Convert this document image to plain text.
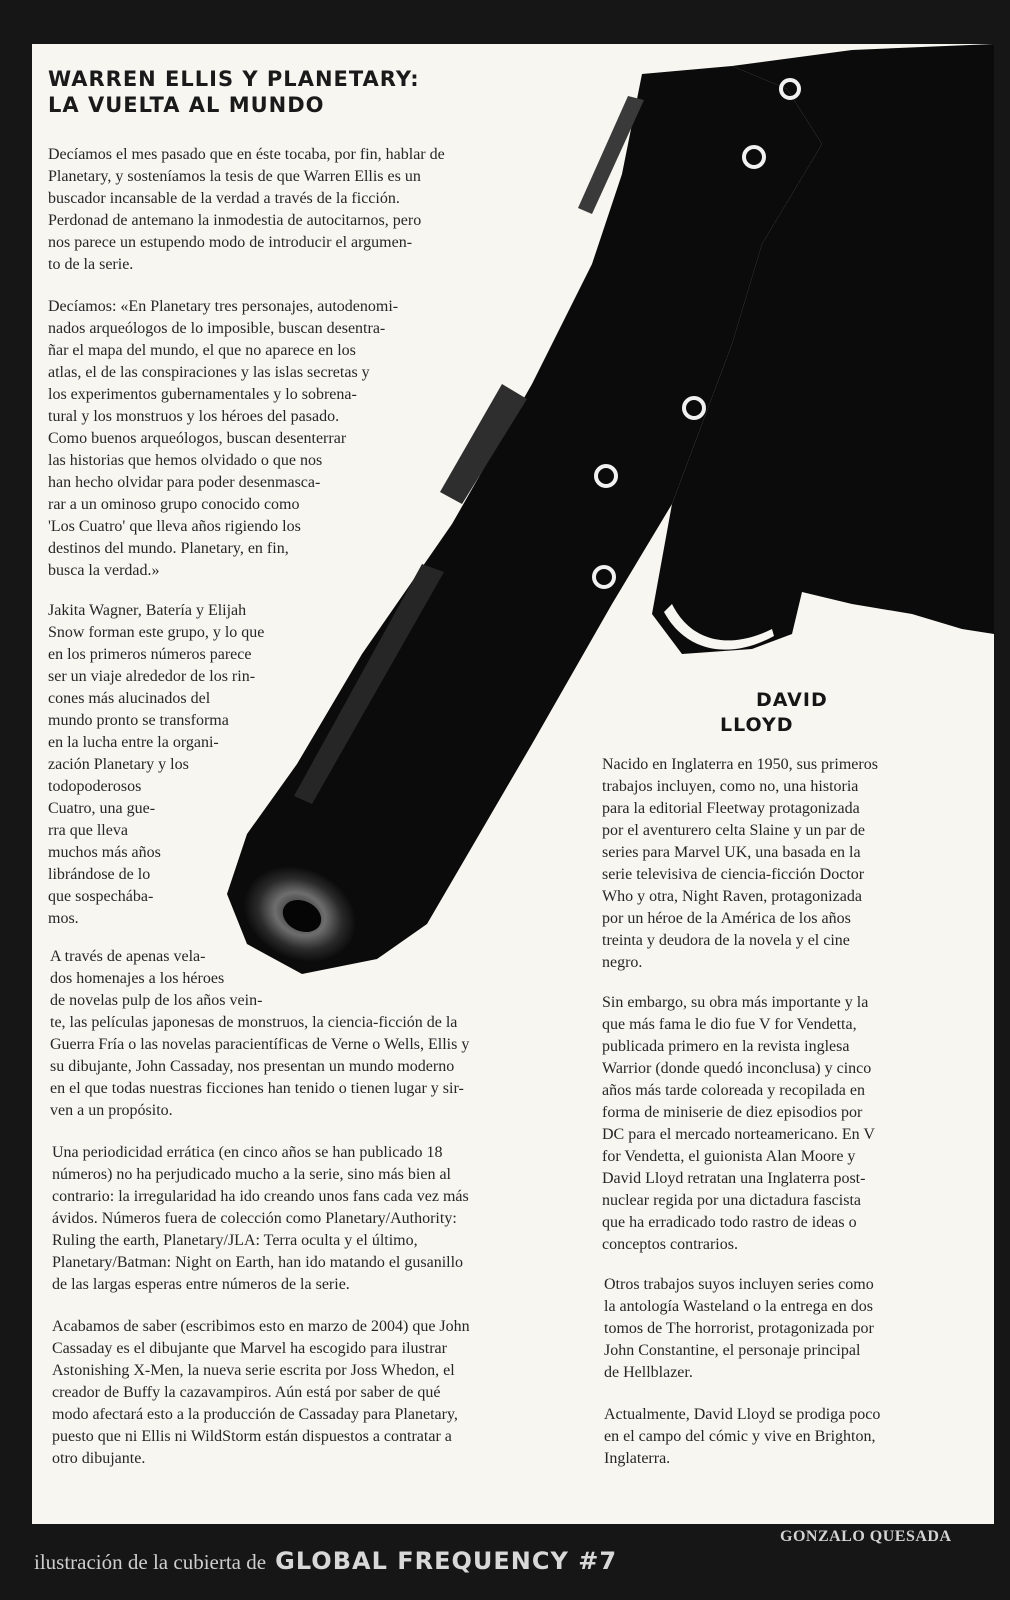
WARREN ELLIS Y PLANETARY:
LA VUELTA AL MUNDO
Decíamos el mes pasado que en éste tocaba, por fin, hablar de
Planetary, y sosteníamos la tesis de que Warren Ellis es un
buscador incansable de la verdad a través de la ficción.
Perdonad de antemano la inmodestia de autocitarnos, pero
nos parece un estupendo modo de introducir el argumen-
to de la serie.
Decíamos: «En Planetary tres personajes, autodenomi-
nados arqueólogos de lo imposible, buscan desentra-
ñar el mapa del mundo, el que no aparece en los
atlas, el de las conspiraciones y las islas secretas y
los experimentos gubernamentales y lo sobrena-
tural y los monstruos y los héroes del pasado.
Como buenos arqueólogos, buscan desenterrar
las historias que hemos olvidado o que nos
han hecho olvidar para poder desenmasca-
rar a un ominoso grupo conocido como
'Los Cuatro' que lleva años rigiendo los
destinos del mundo. Planetary, en fin,
busca la verdad.»
Jakita Wagner, Batería y Elijah
Snow forman este grupo, y lo que
en los primeros números parece
ser un viaje alrededor de los rin-
cones más alucinados del
mundo pronto se transforma
en la lucha entre la organi-
zación Planetary y los
todopoderosos
Cuatro, una gue-
rra que lleva
muchos más años
librándose de lo
que sospechába-
mos.
A través de apenas vela-
dos homenajes a los héroes
de novelas pulp de los años vein-
te, las películas japonesas de monstruos, la ciencia-ficción de la
Guerra Fría o las novelas paracientíficas de Verne o Wells, Ellis y
su dibujante, John Cassaday, nos presentan un mundo moderno
en el que todas nuestras ficciones han tenido o tienen lugar y sir-
ven a un propósito.
Una periodicidad errática (en cinco años se han publicado 18
números) no ha perjudicado mucho a la serie, sino más bien al
contrario: la irregularidad ha ido creando unos fans cada vez más
ávidos. Números fuera de colección como Planetary/Authority:
Ruling the earth, Planetary/JLA: Terra oculta y el último,
Planetary/Batman: Night on Earth, han ido matando el gusanillo
de las largas esperas entre números de la serie.
Acabamos de saber (escribimos esto en marzo de 2004) que John
Cassaday es el dibujante que Marvel ha escogido para ilustrar
Astonishing X-Men, la nueva serie escrita por Joss Whedon, el
creador de Buffy la cazavampiros. Aún está por saber de qué
modo afectará esto a la producción de Cassaday para Planetary,
puesto que ni Ellis ni WildStorm están dispuestos a contratar a
otro dibujante.
DAVID
LLOYD
Nacido en Inglaterra en 1950, sus primeros
trabajos incluyen, como no, una historia
para la editorial Fleetway protagonizada
por el aventurero celta Slaine y un par de
series para Marvel UK, una basada en la
serie televisiva de ciencia-ficción Doctor
Who y otra, Night Raven, protagonizada
por un héroe de la América de los años
treinta y deudora de la novela y el cine
negro.
Sin embargo, su obra más importante y la
que más fama le dio fue V for Vendetta,
publicada primero en la revista inglesa
Warrior (donde quedó inconclusa) y cinco
años más tarde coloreada y recopilada en
forma de miniserie de diez episodios por
DC para el mercado norteamericano. En V
for Vendetta, el guionista Alan Moore y
David Lloyd retratan una Inglaterra post-
nuclear regida por una dictadura fascista
que ha erradicado todo rastro de ideas o
conceptos contrarios.
Otros trabajos suyos incluyen series como
la antología Wasteland o la entrega en dos
tomos de The horrorist, protagonizada por
John Constantine, el personaje principal
de Hellblazer.
Actualmente, David Lloyd se prodiga poco
en el campo del cómic y vive en Brighton,
Inglaterra.
GONZALO QUESADA
ilustración de la cubierta de GLOBAL FREQUENCY #7
